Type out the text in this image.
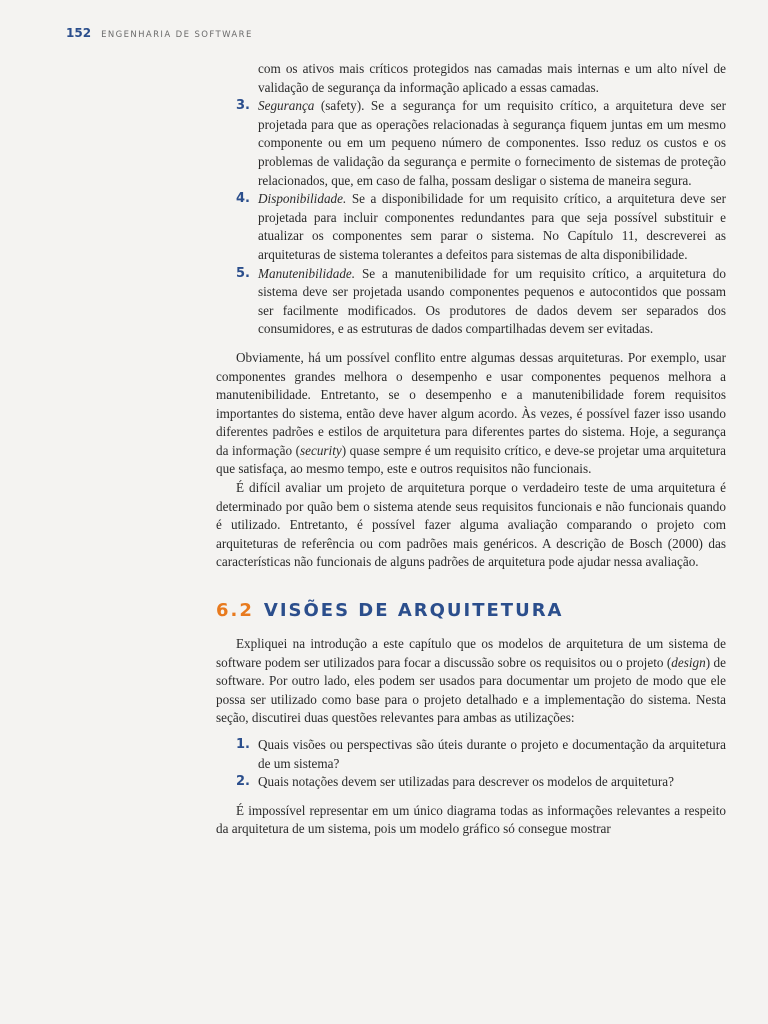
152 ENGENHARIA DE SOFTWARE

com os ativos mais críticos protegidos nas camadas mais internas e um alto nível de validação de segurança da informação aplicado a essas camadas.

3. Segurança (safety). Se a segurança for um requisito crítico, a arquitetura deve ser projetada para que as operações relacionadas à segurança fiquem juntas em um mesmo componente ou em um pequeno número de componentes. Isso reduz os custos e os problemas de validação da segurança e permite o fornecimento de sistemas de proteção relacionados, que, em caso de falha, possam desligar o sistema de maneira segura.
4. Disponibilidade. Se a disponibilidade for um requisito crítico, a arquitetura deve ser projetada para incluir componentes redundantes para que seja possível substituir e atualizar os componentes sem parar o sistema. No Capítulo 11, descreverei as arquiteturas de sistema tolerantes a defeitos para sistemas de alta disponibilidade.
5. Manutenibilidade. Se a manutenibilidade for um requisito crítico, a arquitetura do sistema deve ser projetada usando componentes pequenos e autocontidos que possam ser facilmente modificados. Os produtores de dados devem ser separados dos consumidores, e as estruturas de dados compartilhadas devem ser evitadas.

Obviamente, há um possível conflito entre algumas dessas arquiteturas. Por exemplo, usar componentes grandes melhora o desempenho e usar componentes pequenos melhora a manutenibilidade. Entretanto, se o desempenho e a manutenibilidade forem requisitos importantes do sistema, então deve haver algum acordo. Às vezes, é possível fazer isso usando diferentes padrões e estilos de arquitetura para diferentes partes do sistema. Hoje, a segurança da informação (security) quase sempre é um requisito crítico, e deve-se projetar uma arquitetura que satisfaça, ao mesmo tempo, este e outros requisitos não funcionais.

É difícil avaliar um projeto de arquitetura porque o verdadeiro teste de uma arquitetura é determinado por quão bem o sistema atende seus requisitos funcionais e não funcionais quando é utilizado. Entretanto, é possível fazer alguma avaliação comparando o projeto com arquiteturas de referência ou com padrões mais genéricos. A descrição de Bosch (2000) das características não funcionais de alguns padrões de arquitetura pode ajudar nessa avaliação.

6.2 VISÕES DE ARQUITETURA

Expliquei na introdução a este capítulo que os modelos de arquitetura de um sistema de software podem ser utilizados para focar a discussão sobre os requisitos ou o projeto (design) de software. Por outro lado, eles podem ser usados para documentar um projeto de modo que ele possa ser utilizado como base para o projeto detalhado e a implementação do sistema. Nesta seção, discutirei duas questões relevantes para ambas as utilizações:

1. Quais visões ou perspectivas são úteis durante o projeto e documentação da arquitetura de um sistema?
2. Quais notações devem ser utilizadas para descrever os modelos de arquitetura?

É impossível representar em um único diagrama todas as informações relevantes a respeito da arquitetura de um sistema, pois um modelo gráfico só consegue mostrar
